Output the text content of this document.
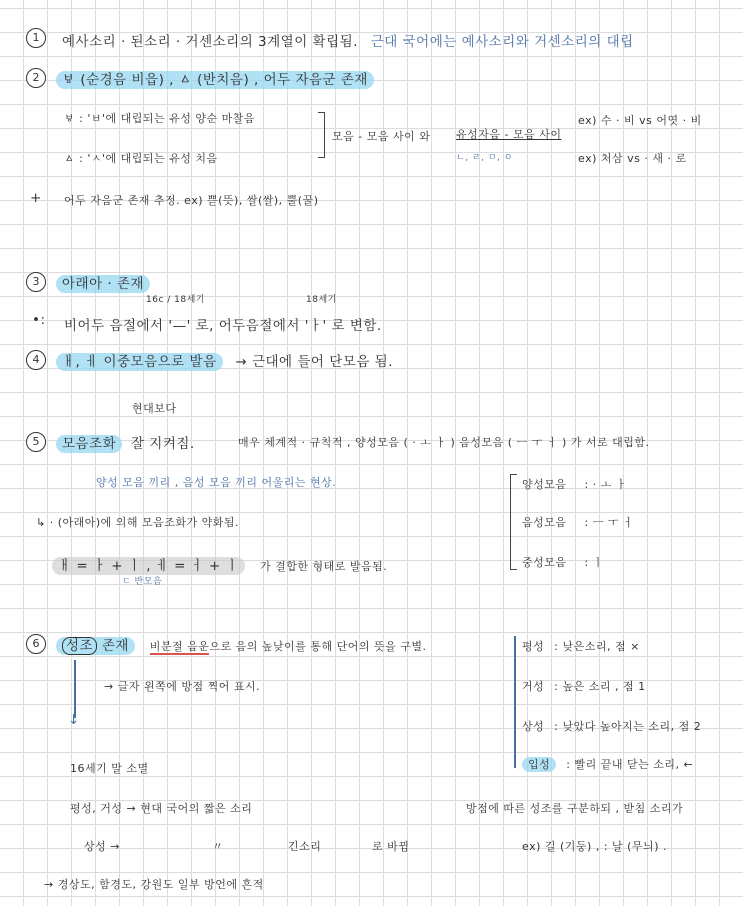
1	예사소리 · 된소리 · 거센소리의 3계열이 확립됨. 근대 국어에는 예사소리와 거센소리의 대립
2	ㅸ (순경음 비읍) , ㅿ (반치음) , 어두 자음군 존재
ㅸ : 'ㅂ'에 대립되는 유성 양순 마찰음
ㅿ : 'ㅅ'에 대립되는 유성 치음
모음 - 모음 사이 와 유성자음 - 모음 사이
ㄴ, ㄹ, ㅁ, ㅇ
ex) 수 · 비 vs 어엿 · 비
ex) 처삼 vs · 새 · 로
+ 어두 자음군 존재 추정. ex) 쁟(뜻), 쌀(쌀), 뿔(꿀)
3	아래아 · 존재
16c / 18세기	18세기
•: 비어두 음절에서 '—' 로, 어두음절에서 'ㅏ' 로 변함.
4	ㅐ, ㅔ 이중모음으로 발음 → 근대에 들어 단모음 됨.
현대보다
5	모음조화 잘 지켜짐.	매우 체계적 · 규칙적 , 양성모음 ( · ㅗ ㅏ ) 음성모음 ( ㅡ ㅜ ㅓ ) 가 서로 대립함.
양성 모음 끼리 , 음성 모음 끼리 어울리는 현상.
↳ · (아래아)에 의해 모음조화가 약화됨.
ㅐ = ㅏ + ㅣ , ㅔ = ㅓ + ㅣ 가 결합한 형태로 발음됨.
ㄷ 반모음
양성모음 : · ㅗ ㅏ
음성모음 : ㅡ ㅜ ㅓ
중성모음 : ㅣ
6	성조 존재 비분절 음운으로 음의 높낮이를 통해 단어의 뜻을 구별.
↓
→ 글자 왼쪽에 방점 찍어 표시.
평성 : 낮은소리, 점 ×
거성 : 높은 소리 , 점 1
상성 : 낮았다 높아지는 소리, 점 2
입성 : 빨리 끝내 닫는 소리, ←
16세기 말 소멸
평성, 거성 → 현대 국어의 짧은 소리	방점에 따른 성조를 구분하되 , 받침 소리가
상성 →	〃	긴소리	로 바뀜	ex) 길 (기둥) , : 날 (무늬) .
→ 경상도, 함경도, 강원도 일부 방언에 흔적
